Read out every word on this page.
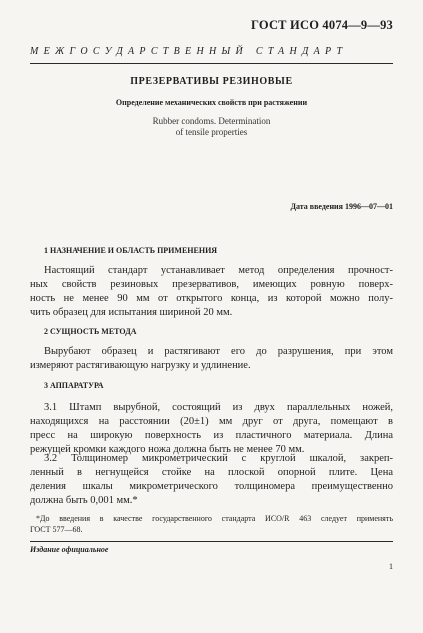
ГОСТ ИСО 4074—9—93
МЕЖГОСУДАРСТВЕННЫЙ СТАНДАРТ
ПРЕЗЕРВАТИВЫ РЕЗИНОВЫЕ
Определение механических свойств при растяжении
Rubber condoms. Determination
of tensile properties
Дата введения 1996—07—01
1 НАЗНАЧЕНИЕ И ОБЛАСТЬ ПРИМЕНЕНИЯ
Настоящий стандарт устанавливает метод определения прочност-
ных свойств резиновых презервативов, имеющих ровную поверх-
ность не менее 90 мм от открытого конца, из которой можно полу-
чить образец для испытания шириной 20 мм.
2 СУЩНОСТЬ МЕТОДА
Вырубают образец и растягивают его до разрушения, при этом
измеряют растягивающую нагрузку и удлинение.
3 АППАРАТУРА
3.1 Штамп вырубной, состоящий из двух параллельных ножей,
находящихся на расстоянии (20±1) мм друг от друга, помещают в
пресс на широкую поверхность из пластичного материала. Длина
режущей кромки каждого ножа должна быть не менее 70 мм.
3.2 Толщиномер микрометрический с круглой шкалой, закреп-
ленный в негнущейся стойке на плоской опорной плите. Цена
деления шкалы микрометрического толщиномера преимущественно
должна быть 0,001 мм.*
*До введения в качестве государственного стандарта ИСО/R 463 следует применять
ГОСТ 577—68.
Издание официальное
1
